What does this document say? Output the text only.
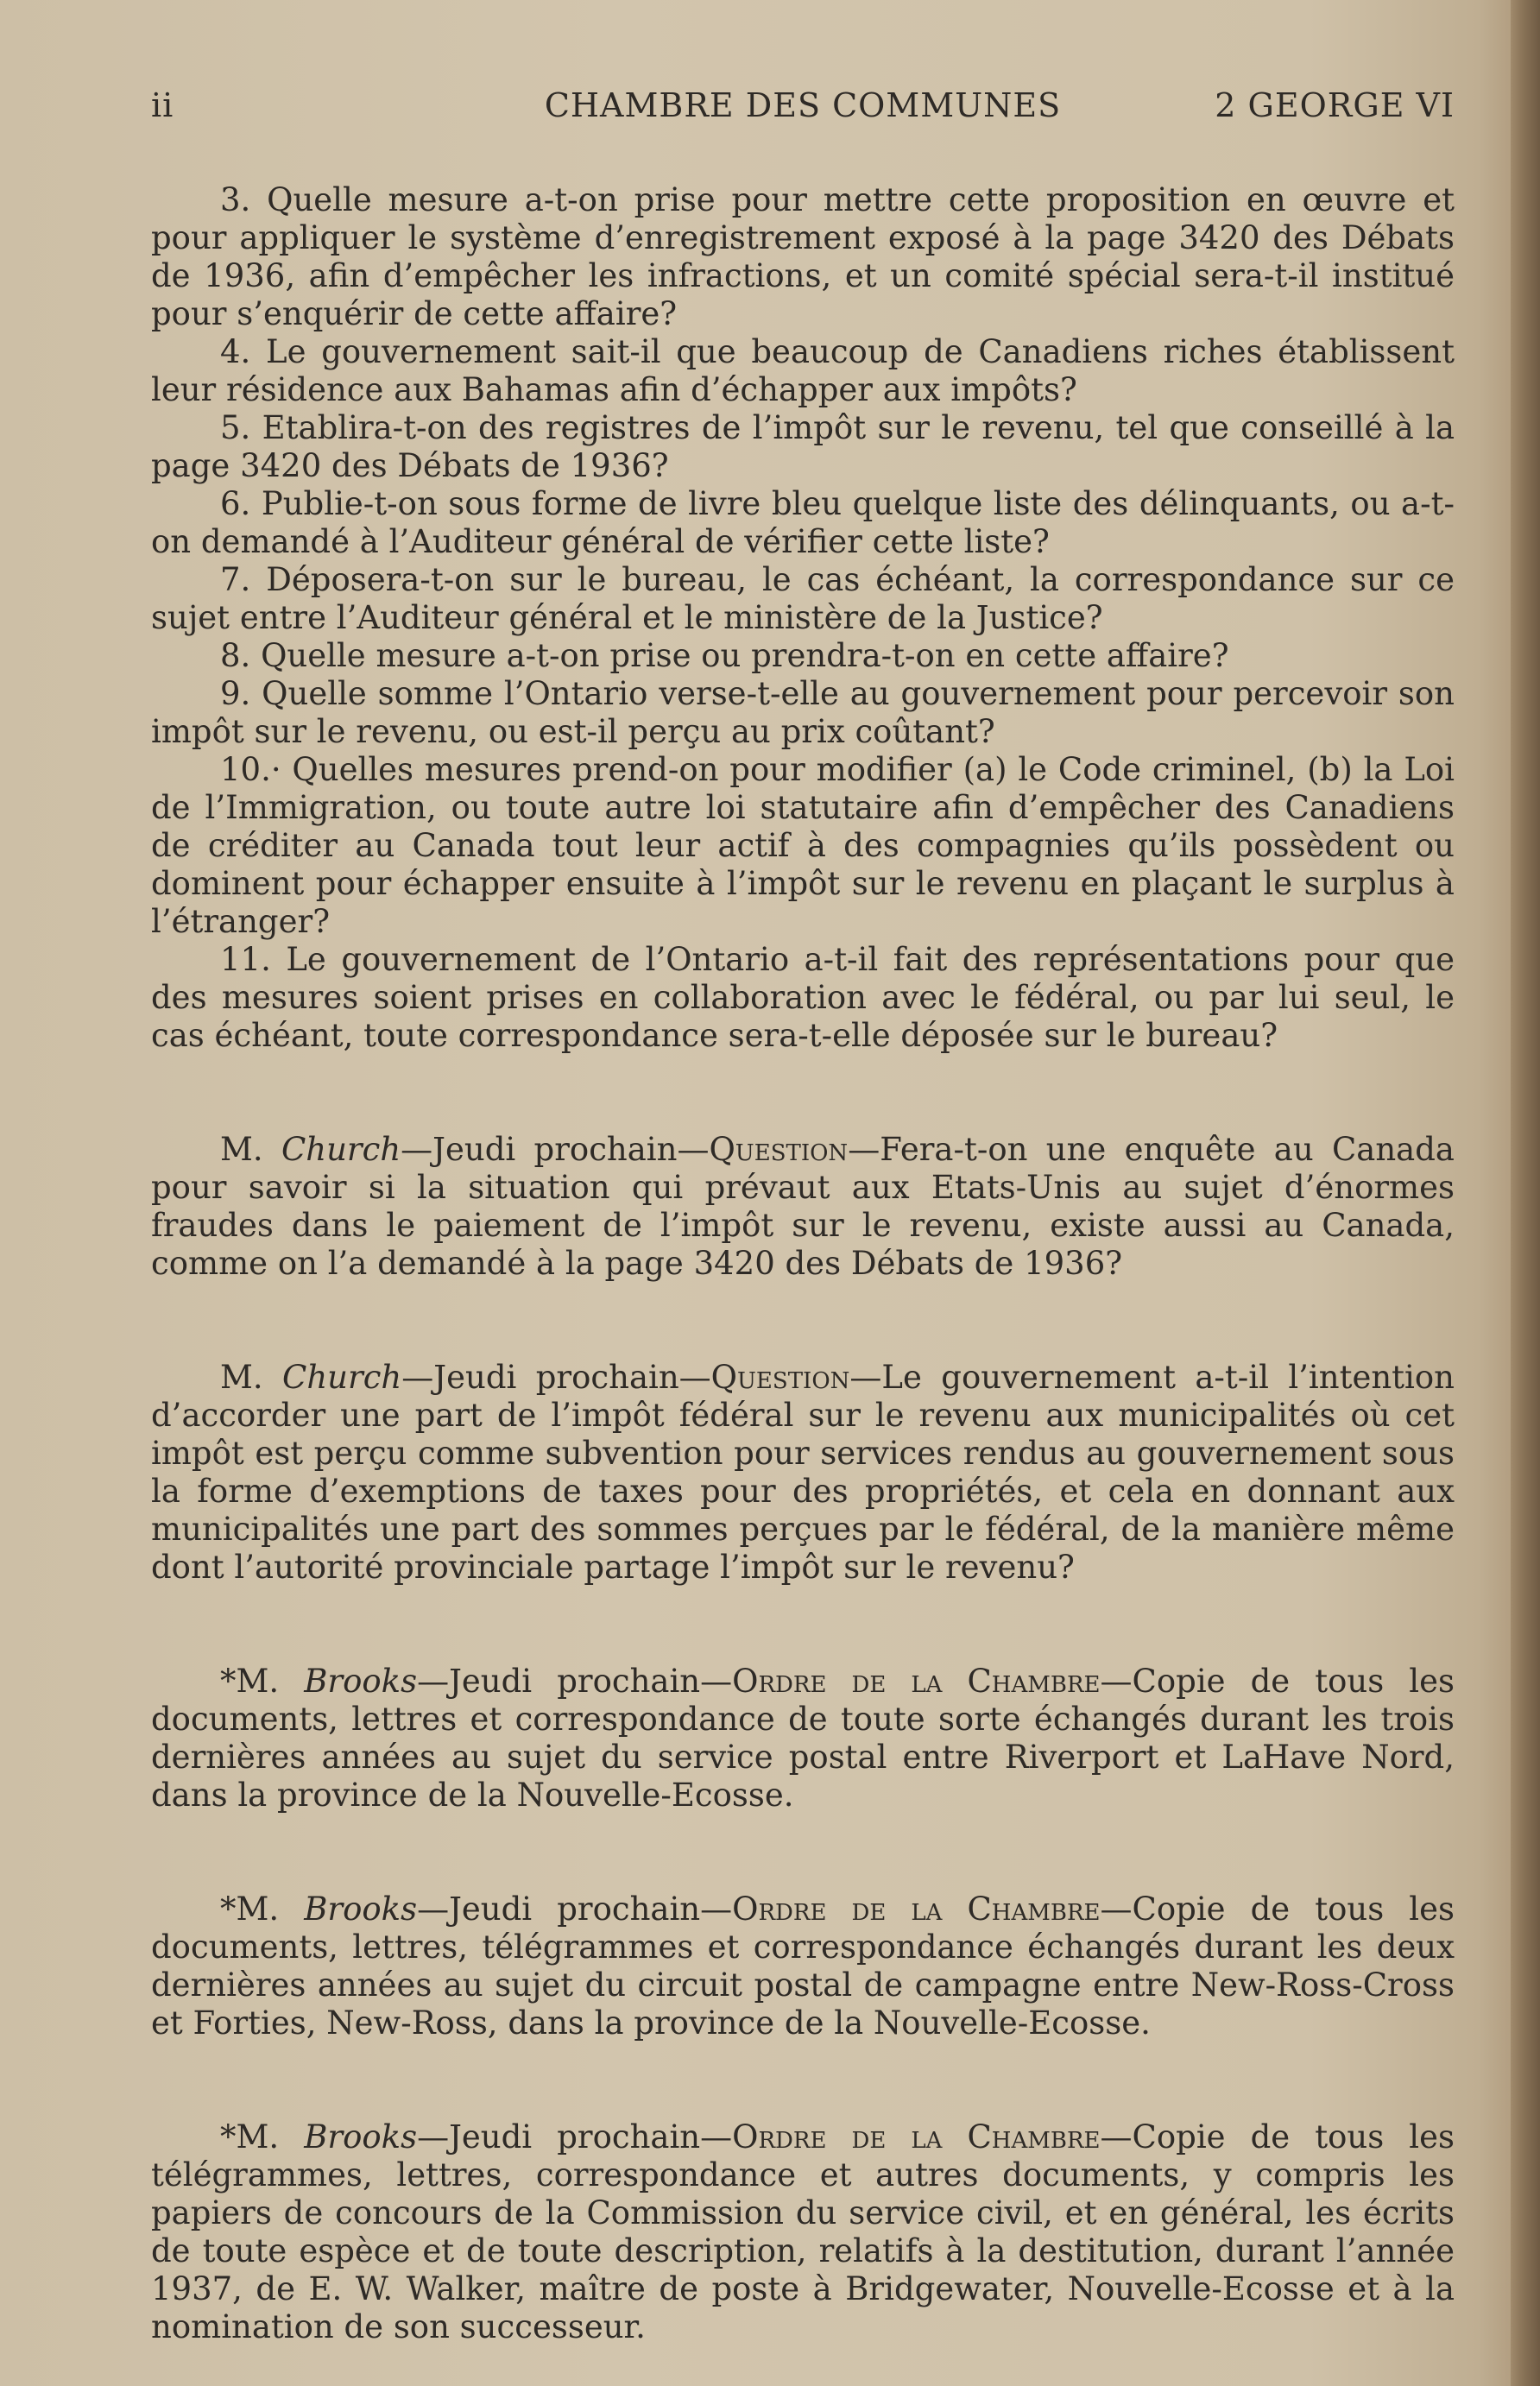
ii	CHAMBRE DES COMMUNES	2 GEORGE VI

3. Quelle mesure a-t-on prise pour mettre cette proposition en œuvre et pour appliquer le système d’enregistrement exposé à la page 3420 des Débats de 1936, afin d’empêcher les infractions, et un comité spécial sera-t-il institué pour s’enquérir de cette affaire?

4. Le gouvernement sait-il que beaucoup de Canadiens riches établissent leur résidence aux Bahamas afin d’échapper aux impôts?

5. Etablira-t-on des registres de l’impôt sur le revenu, tel que conseillé à la page 3420 des Débats de 1936?

6. Publie-t-on sous forme de livre bleu quelque liste des délinquants, ou a-t-on demandé à l’Auditeur général de vérifier cette liste?

7. Déposera-t-on sur le bureau, le cas échéant, la correspondance sur ce sujet entre l’Auditeur général et le ministère de la Justice?

8. Quelle mesure a-t-on prise ou prendra-t-on en cette affaire?

9. Quelle somme l’Ontario verse-t-elle au gouvernement pour percevoir son impôt sur le revenu, ou est-il perçu au prix coûtant?

10.· Quelles mesures prend-on pour modifier (a) le Code criminel, (b) la Loi de l’Immigration, ou toute autre loi statutaire afin d’empêcher des Canadiens de créditer au Canada tout leur actif à des compagnies qu’ils possèdent ou dominent pour échapper ensuite à l’impôt sur le revenu en plaçant le surplus à l’étranger?

11. Le gouvernement de l’Ontario a-t-il fait des représentations pour que des mesures soient prises en collaboration avec le fédéral, ou par lui seul, le cas échéant, toute correspondance sera-t-elle déposée sur le bureau?

M. Church—Jeudi prochain—Question—Fera-t-on une enquête au Canada pour savoir si la situation qui prévaut aux Etats-Unis au sujet d’énormes fraudes dans le paiement de l’impôt sur le revenu, existe aussi au Canada, comme on l’a demandé à la page 3420 des Débats de 1936?

M. Church—Jeudi prochain—Question—Le gouvernement a-t-il l’intention d’accorder une part de l’impôt fédéral sur le revenu aux municipalités où cet impôt est perçu comme subvention pour services rendus au gouvernement sous la forme d’exemptions de taxes pour des propriétés, et cela en donnant aux municipalités une part des sommes perçues par le fédéral, de la manière même dont l’autorité provinciale partage l’impôt sur le revenu?

*M. Brooks—Jeudi prochain—Ordre de la Chambre—Copie de tous les documents, lettres et correspondance de toute sorte échangés durant les trois dernières années au sujet du service postal entre Riverport et LaHave Nord, dans la province de la Nouvelle-Ecosse.

*M. Brooks—Jeudi prochain—Ordre de la Chambre—Copie de tous les documents, lettres, télégrammes et correspondance échangés durant les deux dernières années au sujet du circuit postal de campagne entre New-Ross-Cross et Forties, New-Ross, dans la province de la Nouvelle-Ecosse.

*M. Brooks—Jeudi prochain—Ordre de la Chambre—Copie de tous les télégrammes, lettres, correspondance et autres documents, y compris les papiers de concours de la Commission du service civil, et en général, les écrits de toute espèce et de toute description, relatifs à la destitution, durant l’année 1937, de E. W. Walker, maître de poste à Bridgewater, Nouvelle-Ecosse et à la nomination de son successeur.
